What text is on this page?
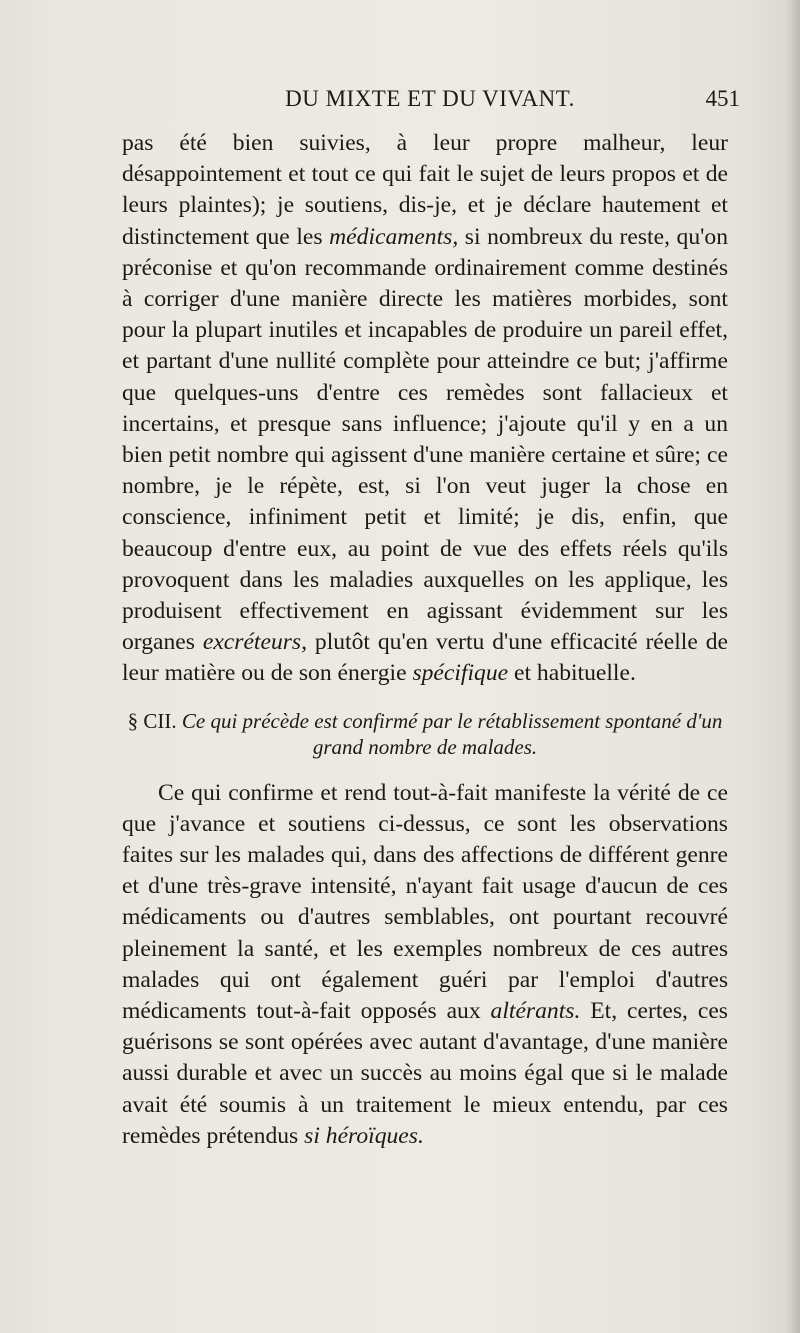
DU MIXTE ET DU VIVANT.	451

pas été bien suivies, à leur propre malheur, leur désappointement et tout ce qui fait le sujet de leurs propos et de leurs plaintes); je soutiens, dis-je, et je déclare hautement et distinctement que les médicaments, si nombreux du reste, qu'on préconise et qu'on recommande ordinairement comme destinés à corriger d'une manière directe les matières morbides, sont pour la plupart inutiles et incapables de produire un pareil effet, et partant d'une nullité complète pour atteindre ce but; j'affirme que quelques-uns d'entre ces remèdes sont fallacieux et incertains, et presque sans influence; j'ajoute qu'il y en a un bien petit nombre qui agissent d'une manière certaine et sûre; ce nombre, je le répète, est, si l'on veut juger la chose en conscience, infiniment petit et limité; je dis, enfin, que beaucoup d'entre eux, au point de vue des effets réels qu'ils provoquent dans les maladies auxquelles on les applique, les produisent effectivement en agissant évidemment sur les organes excréteurs, plutôt qu'en vertu d'une efficacité réelle de leur matière ou de son énergie spécifique et habituelle.

§ CII. Ce qui précède est confirmé par le rétablissement spontané d'un grand nombre de malades.

Ce qui confirme et rend tout-à-fait manifeste la vérité de ce que j'avance et soutiens ci-dessus, ce sont les observations faites sur les malades qui, dans des affections de différent genre et d'une très-grave intensité, n'ayant fait usage d'aucun de ces médicaments ou d'autres semblables, ont pourtant recouvré pleinement la santé, et les exemples nombreux de ces autres malades qui ont également guéri par l'emploi d'autres médicaments tout-à-fait opposés aux altérants. Et, certes, ces guérisons se sont opérées avec autant d'avantage, d'une manière aussi durable et avec un succès au moins égal que si le malade avait été soumis à un traitement le mieux entendu, par ces remèdes prétendus si héroïques.
